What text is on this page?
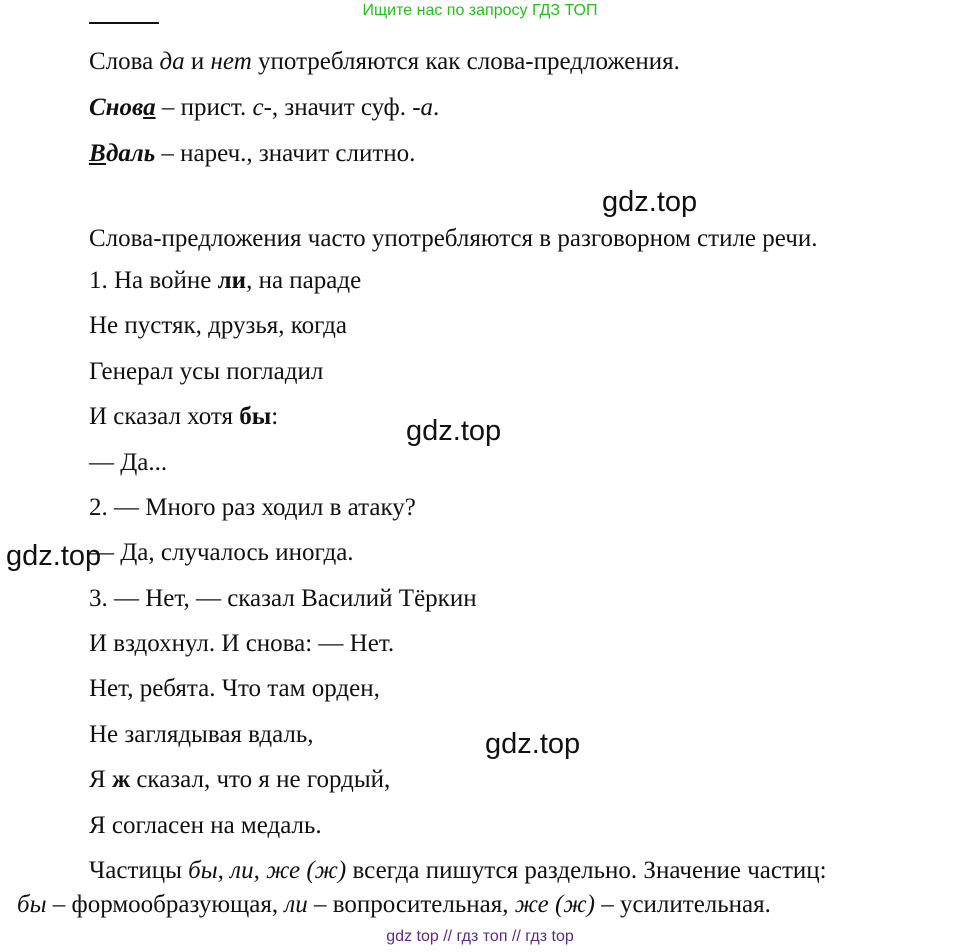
Ищите нас по запросу ГДЗ ТОП
Слова да и нет употребляются как слова-предложения.
Снова – прист. с-, значит суф. -а.
Вдаль – нареч., значит слитно.
Слова-предложения часто употребляются в разговорном стиле речи.
1. На войне ли, на параде
Не пустяк, друзья, когда
Генерал усы погладил
И сказал хотя бы:
— Да...
2. — Много раз ходил в атаку?
— Да, случалось иногда.
3. — Нет, — сказал Василий Тёркин
И вздохнул. И снова: — Нет.
Нет, ребята. Что там орден,
Не заглядывая вдаль,
Я ж сказал, что я не гордый,
Я согласен на медаль.
Частицы бы, ли, же (ж) всегда пишутся раздельно. Значение частиц:
бы – формообразующая, ли – вопросительная, же (ж) – усилительная.
gdz.top
gdz.top
gdz.top
gdz.top
gdz top // гдз топ // гдз top
